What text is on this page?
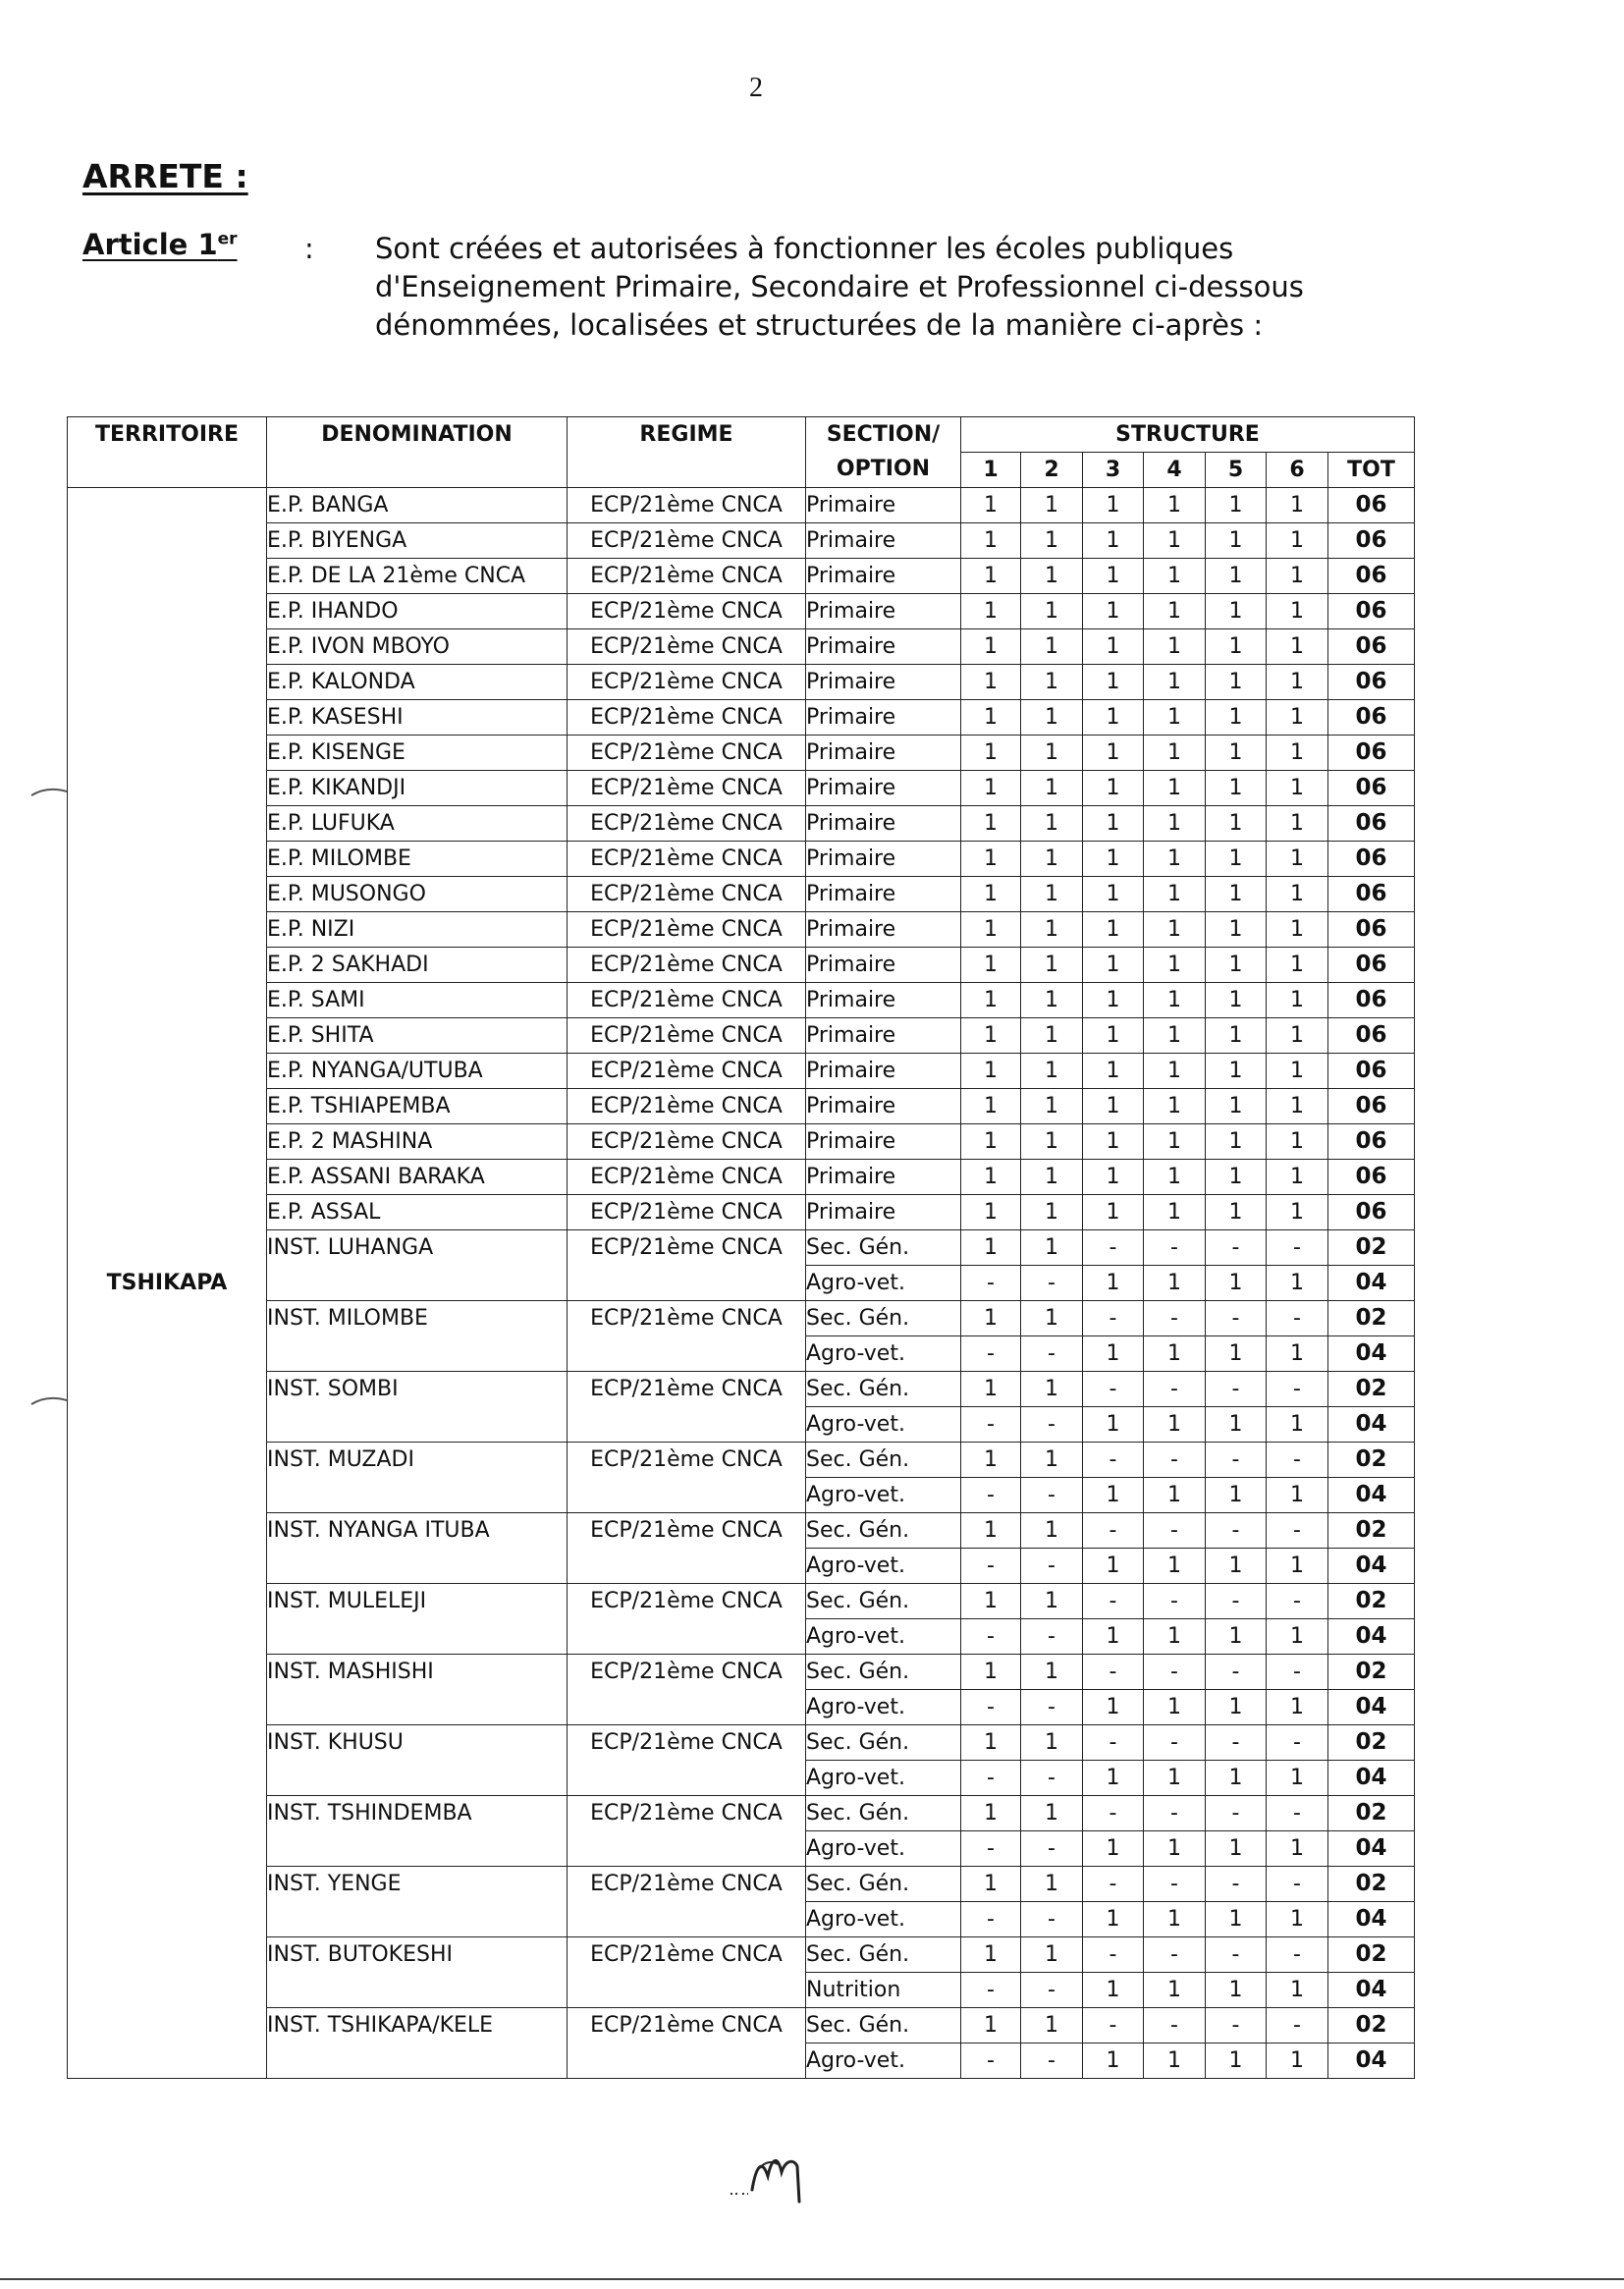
2
ARRETE :
Article 1er : Sont créées et autorisées à fonctionner les écoles publiques d'Enseignement Primaire, Secondaire et Professionnel ci-dessous dénommées, localisées et structurées de la manière ci-après :
TERRITOIRE	DENOMINATION	REGIME	SECTION/
OPTION	STRUCTURE						
				1	2	3	4	5	6	TOT
TSHIKAPA	E.P. BANGA	ECP/21ème CNCA	Primaire	1	1	1	1	1	1	06
	E.P. BIYENGA	ECP/21ème CNCA	Primaire	1	1	1	1	1	1	06
	E.P. DE LA 21ème CNCA	ECP/21ème CNCA	Primaire	1	1	1	1	1	1	06
	E.P. IHANDO	ECP/21ème CNCA	Primaire	1	1	1	1	1	1	06
	E.P. IVON MBOYO	ECP/21ème CNCA	Primaire	1	1	1	1	1	1	06
	E.P. KALONDA	ECP/21ème CNCA	Primaire	1	1	1	1	1	1	06
	E.P. KASESHI	ECP/21ème CNCA	Primaire	1	1	1	1	1	1	06
	E.P. KISENGE	ECP/21ème CNCA	Primaire	1	1	1	1	1	1	06
	E.P. KIKANDJI	ECP/21ème CNCA	Primaire	1	1	1	1	1	1	06
	E.P. LUFUKA	ECP/21ème CNCA	Primaire	1	1	1	1	1	1	06
	E.P. MILOMBE	ECP/21ème CNCA	Primaire	1	1	1	1	1	1	06
	E.P. MUSONGO	ECP/21ème CNCA	Primaire	1	1	1	1	1	1	06
	E.P. NIZI	ECP/21ème CNCA	Primaire	1	1	1	1	1	1	06
	E.P. 2 SAKHADI	ECP/21ème CNCA	Primaire	1	1	1	1	1	1	06
	E.P. SAMI	ECP/21ème CNCA	Primaire	1	1	1	1	1	1	06
	E.P. SHITA	ECP/21ème CNCA	Primaire	1	1	1	1	1	1	06
	E.P. NYANGA/UTUBA	ECP/21ème CNCA	Primaire	1	1	1	1	1	1	06
	E.P. TSHIAPEMBA	ECP/21ème CNCA	Primaire	1	1	1	1	1	1	06
	E.P. 2 MASHINA	ECP/21ème CNCA	Primaire	1	1	1	1	1	1	06
	E.P. ASSANI BARAKA	ECP/21ème CNCA	Primaire	1	1	1	1	1	1	06
	E.P. ASSAL	ECP/21ème CNCA	Primaire	1	1	1	1	1	1	06
	INST. LUHANGA	ECP/21ème CNCA	Sec. Gén.	1	1	-	-	-	-	02
			Agro-vet.	-	-	1	1	1	1	04
	INST. MILOMBE	ECP/21ème CNCA	Sec. Gén.	1	1	-	-	-	-	02
			Agro-vet.	-	-	1	1	1	1	04
	INST. SOMBI	ECP/21ème CNCA	Sec. Gén.	1	1	-	-	-	-	02
			Agro-vet.	-	-	1	1	1	1	04
	INST. MUZADI	ECP/21ème CNCA	Sec. Gén.	1	1	-	-	-	-	02
			Agro-vet.	-	-	1	1	1	1	04
	INST. NYANGA ITUBA	ECP/21ème CNCA	Sec. Gén.	1	1	-	-	-	-	02
			Agro-vet.	-	-	1	1	1	1	04
	INST. MULELEJI	ECP/21ème CNCA	Sec. Gén.	1	1	-	-	-	-	02
			Agro-vet.	-	-	1	1	1	1	04
	INST. MASHISHI	ECP/21ème CNCA	Sec. Gén.	1	1	-	-	-	-	02
			Agro-vet.	-	-	1	1	1	1	04
	INST. KHUSU	ECP/21ème CNCA	Sec. Gén.	1	1	-	-	-	-	02
			Agro-vet.	-	-	1	1	1	1	04
	INST. TSHINDEMBA	ECP/21ème CNCA	Sec. Gén.	1	1	-	-	-	-	02
			Agro-vet.	-	-	1	1	1	1	04
	INST. YENGE	ECP/21ème CNCA	Sec. Gén.	1	1	-	-	-	-	02
			Agro-vet.	-	-	1	1	1	1	04
	INST. BUTOKESHI	ECP/21ème CNCA	Sec. Gén.	1	1	-	-	-	-	02
			Nutrition	-	-	1	1	1	1	04
	INST. TSHIKAPA/KELE	ECP/21ème CNCA	Sec. Gén.	1	1	-	-	-	-	02
			Agro-vet.	-	-	1	1	1	1	04
